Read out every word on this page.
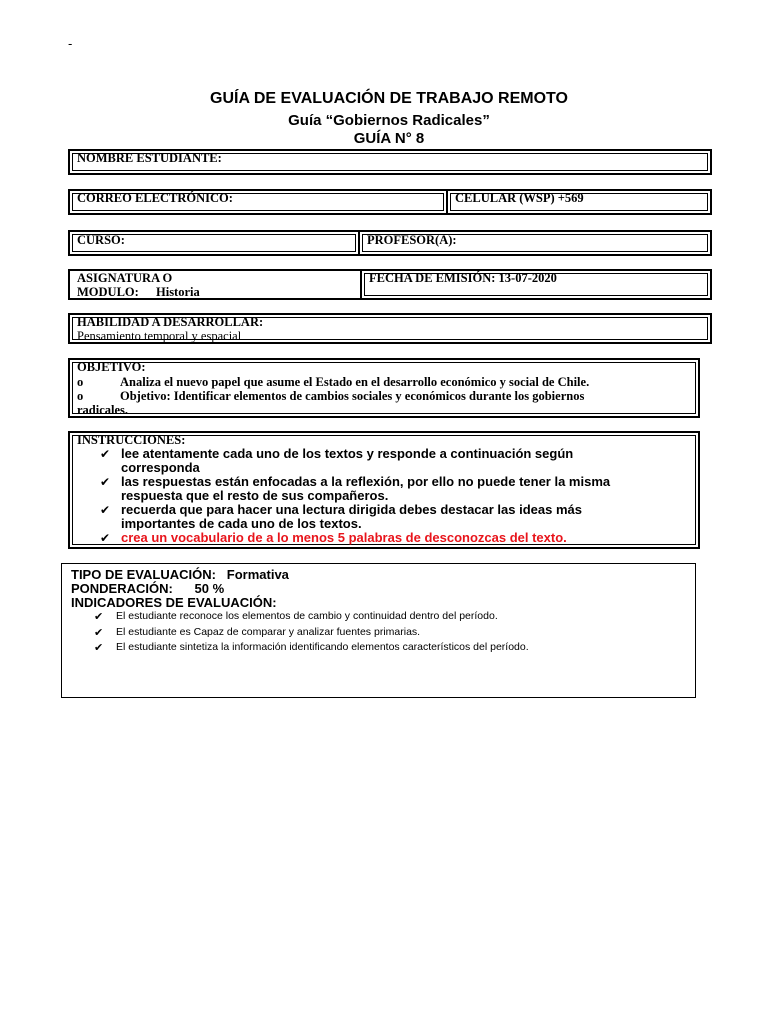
-
GUÍA DE EVALUACIÓN DE TRABAJO REMOTO
Guía “Gobiernos Radicales”
GUÍA N° 8
NOMBRE ESTUDIANTE:
CORREO ELECTRÓNICO:	CELULAR (WSP) +569
CURSO:	PROFESOR(A):
ASIGNATURA O
MODULO: Historia
FECHA DE EMISIÓN: 13-07-2020
HABILIDAD A DESARROLLAR:
Pensamiento temporal y espacial
OBJETIVO:
o	Analiza el nuevo papel que asume el Estado en el desarrollo económico y social de Chile.
o	Objetivo: Identificar elementos de cambios sociales y económicos durante los gobiernos
radicales.
INSTRUCCIONES:
✔ lee atentamente cada uno de los textos y responde a continuación según
corresponda
✔ las respuestas están enfocadas a la reflexión, por ello no puede tener la misma
respuesta que el resto de sus compañeros.
✔ recuerda que para hacer una lectura dirigida debes destacar las ideas más
importantes de cada uno de los textos.
✔ crea un vocabulario de a lo menos 5 palabras de desconozcas del texto.
TIPO DE EVALUACIÓN: Formativa
PONDERACIÓN: 50 %
INDICADORES DE EVALUACIÓN:
✔ El estudiante reconoce los elementos de cambio y continuidad dentro del período.
✔ El estudiante es Capaz de comparar y analizar fuentes primarias.
✔ El estudiante sintetiza la información identificando elementos característicos del período.
